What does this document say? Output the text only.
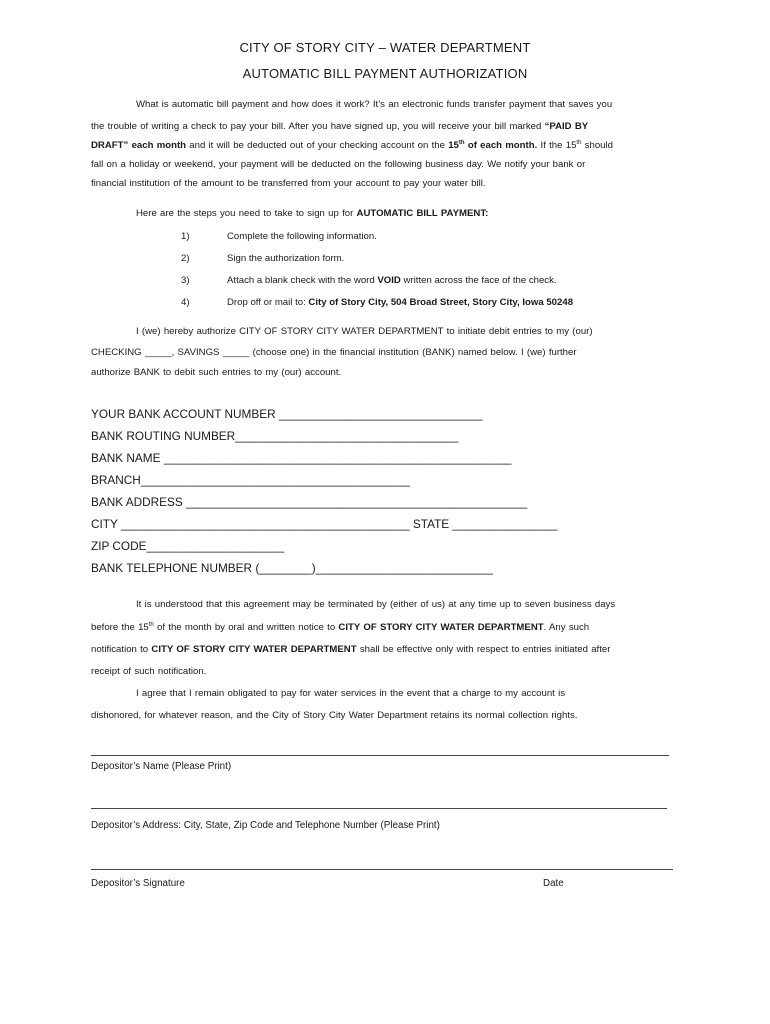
CITY OF STORY CITY – WATER DEPARTMENT
AUTOMATIC BILL PAYMENT AUTHORIZATION
What is automatic bill payment and how does it work? It’s an electronic funds transfer payment that saves you
the trouble of writing a check to pay your bill. After you have signed up, you will receive your bill marked “PAID BY
DRAFT” each month and it will be deducted out of your checking account on the 15th of each month. If the 15th should
fall on a holiday or weekend, your payment will be deducted on the following business day. We notify your bank or
financial institution of the amount to be transferred from your account to pay your water bill.
Here are the steps you need to take to sign up for AUTOMATIC BILL PAYMENT:
1)	Complete the following information.
2)	Sign the authorization form.
3)	Attach a blank check with the word VOID written across the face of the check.
4)	Drop off or mail to: City of Story City, 504 Broad Street, Story City, Iowa 50248
I (we) hereby authorize CITY OF STORY CITY WATER DEPARTMENT to initiate debit entries to my (our)
CHECKING _____, SAVINGS _____ (choose one) in the financial institution (BANK) named below. I (we) further
authorize BANK to debit such entries to my (our) account.
YOUR BANK ACCOUNT NUMBER _______________________________
BANK ROUTING NUMBER__________________________________
BANK NAME _____________________________________________________
BRANCH_________________________________________
BANK ADDRESS ____________________________________________________
CITY ____________________________________________ STATE ________________
ZIP CODE_____________________
BANK TELEPHONE NUMBER (________)___________________________
It is understood that this agreement may be terminated by (either of us) at any time up to seven business days
before the 15th of the month by oral and written notice to CITY OF STORY CITY WATER DEPARTMENT. Any such
notification to CITY OF STORY CITY WATER DEPARTMENT shall be effective only with respect to entries initiated after
receipt of such notification.
I agree that I remain obligated to pay for water services in the event that a charge to my account is
dishonored, for whatever reason, and the City of Story City Water Department retains its normal collection rights.
Depositor’s Name (Please Print)
Depositor’s Address: City, State, Zip Code and Telephone Number (Please Print)
Depositor’s Signature	Date
